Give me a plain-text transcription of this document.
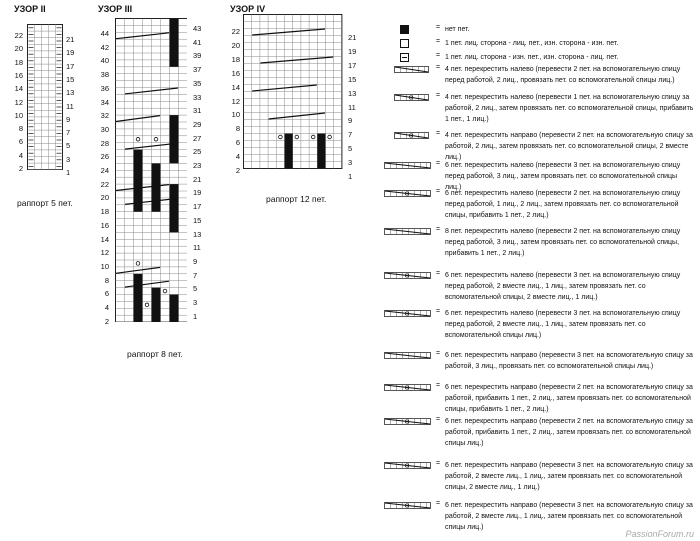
УЗОР II
22
20
18
16
14
12
10
8
6
4
2
21
19
17
15
13
11
9
7
5
3
1
раппорт 5 пет.
УЗОР III
44
42
40
38
36
34
32
30
28
26
24
22
20
18
16
14
12
10
8
6
4
2
43
41
39
37
35
33
31
29
27
25
23
21
19
17
15
13
11
9
7
5
3
1
раппорт 8 пет.
УЗОР IV
22
20
18
16
14
12
10
8
6
4
2
21
19
17
15
13
11
9
7
5
3
1
раппорт 12 пет.
= нет пет.
= 1 пет. лиц. сторона - лиц. пет., изн. сторона - изн. пет.
= 1 пет. лиц. сторона - изн. пет., изн. сторона - лиц. пет.
= 4 пет. перекрестить налево (перевести 2 пет. на вспомогательную спицу перед работой, 2 лиц., провязать пет. со вспомогательной спицы лиц.)
= 4 пет. перекрестить налево (перевести 1 пет. на вспомогательную спицу за работой, 2 лиц., затем провязать пет. со вспомогательной спицы, прибавить 1 пет., 1 лиц.)
= 4 пет. перекрестить направо (перевести 2 пет. на вспомогательную спицу за работой, 2 лиц., затем провязать пет. со вспомогательной спицы, 2 вместе лиц.)
= 6 пет. перекрестить налево (перевести 3 пет. на вспомогательную спицу перед работой, 3 лиц., затем провязать пет. со вспомогательной спицы лиц.)
= 6 пет. перекрестить налево (перевести 2 пет. на вспомогательную спицу перед работой, 1 лиц., 2 лиц., затем провязать пет. со вспомогательной спицы, прибавить 1 пет., 2 лиц.)
= 8 пет. перекрестить налево (перевести 2 пет. на вспомогательную спицу перед работой, 3 лиц., затем провязать пет. со вспомогательной спицы, прибавить 1 пет., 2 лиц.)
= 6 пет. перекрестить налево (перевести 3 пет. на вспомогательную спицу перед работой, 2 вместе лиц., 1 лиц., затем провязать пет. со вспомогательной спицы, 2 вместе лиц., 1 лиц.)
= 6 пет. перекрестить налево (перевести 3 пет. на вспомогательную спицу перед работой, 2 вместе лиц., 1 лиц., затем провязать пет. со вспомогательной спицы лиц.)
= 6 пет. перекрестить направо (перевести 3 пет. на вспомогательную спицу за работой, 3 лиц., провязать пет. со вспомогательной спицы лиц.)
= 6 пет. перекрестить направо (перевести 2 пет. на вспомогательную спицу за работой, прибавить 1 пет., 2 лиц., затем провязать пет. со вспомогательной спицы, прибавить 1 пет., 2 лиц.)
= 6 пет. перекрестить направо (перевести 2 пет. на вспомогательную спицу за работой, прибавить 1 пет., 2 лиц., затем провязать пет. со вспомогательной спицы лиц.)
= 6 пет. перекрестить направо (перевести 3 пет. на вспомогательную спицу за работой, 2 вместе лиц., 1 лиц., затем провязать пет. со вспомогательной спицы, 2 вместе лиц., 1 лиц.)
= 6 пет. перекрестить направо (перевести 3 пет. на вспомогательную спицу за работой, 2 вместе лиц., 1 лиц., затем провязать пет. со вспомогательной спицы лиц.)
PassionForum.ru
